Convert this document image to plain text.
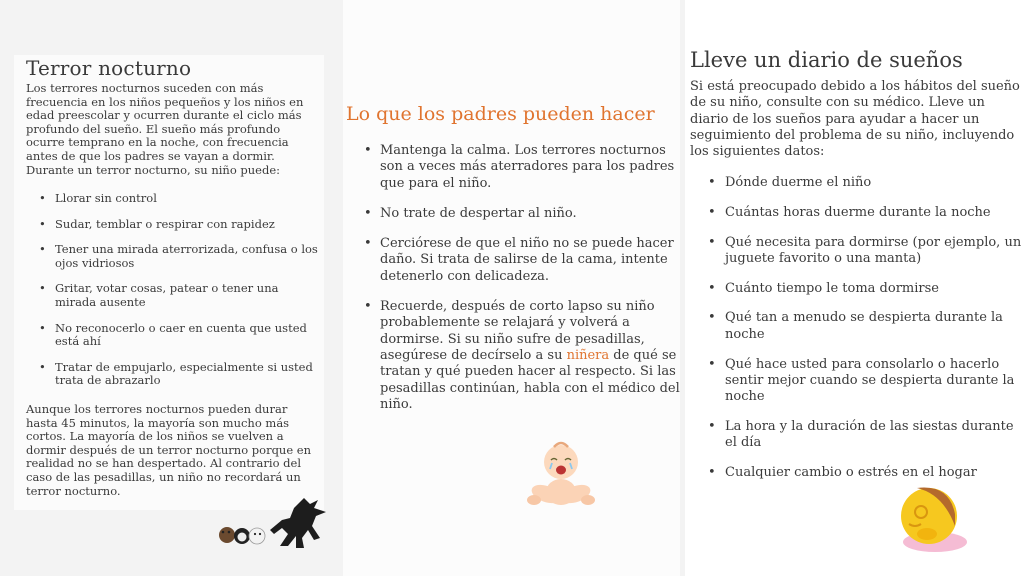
Terror nocturno
Los terrores nocturnos suceden con más frecuencia en los niños pequeños y los niños en edad preescolar y ocurren durante el ciclo más profundo del sueño. El sueño más profundo ocurre temprano en la noche, con frecuencia antes de que los padres se vayan a dormir. Durante un terror nocturno, su niño puede:
• Llorar sin control
• Sudar, temblar o respirar con rapidez
• Tener una mirada aterrorizada, confusa o los ojos vidriosos
• Gritar, votar cosas, patear o tener una mirada ausente
• No reconocerlo o caer en cuenta que usted está ahí
• Tratar de empujarlo, especialmente si usted trata de abrazarlo
Aunque los terrores nocturnos pueden durar hasta 45 minutos, la mayoría son mucho más cortos. La mayoría de los niños se vuelven a dormir después de un terror nocturno porque en realidad no se han despertado. Al contrario del caso de las pesadillas, un niño no recordará un terror nocturno.
Lo que los padres pueden hacer
• Mantenga la calma. Los terrores nocturnos son a veces más aterradores para los padres que para el niño.
• No trate de despertar al niño.
• Cerciórese de que el niño no se puede hacer daño. Si trata de salirse de la cama, intente detenerlo con delicadeza.
• Recuerde, después de corto lapso su niño probablemente se relajará y volverá a dormirse. Si su niño sufre de pesadillas, asegúrese de decírselo a su niñera de qué se tratan y qué pueden hacer al respecto. Si las pesadillas continúan, habla con el médico del niño.
Lleve un diario de sueños
Si está preocupado debido a los hábitos del sueño de su niño, consulte con su médico. Lleve un diario de los sueños para ayudar a hacer un seguimiento del problema de su niño, incluyendo los siguientes datos:
• Dónde duerme el niño
• Cuántas horas duerme durante la noche
• Qué necesita para dormirse (por ejemplo, un juguete favorito o una manta)
• Cuánto tiempo le toma dormirse
• Qué tan a menudo se despierta durante la noche
• Qué hace usted para consolarlo o hacerlo sentir mejor cuando se despierta durante la noche
• La hora y la duración de las siestas durante el día
• Cualquier cambio o estrés en el hogar
